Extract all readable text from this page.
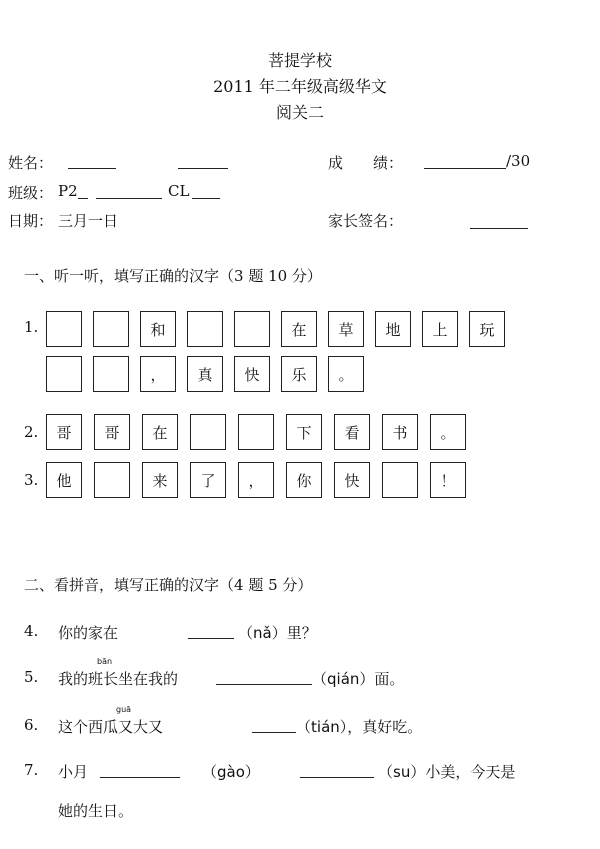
菩提学校
2011 年二年级高级华文
阅关二
姓名：	成　　绩：	/30
班级： P2	CL
日期： 三月一日	家长签名：
一、听一听，填写正确的汉字（3 题 10 分）
1.	和	在	草	地	上	玩
，	真	快	乐	。
2.	哥	哥	在	下	看	书	。
3.	他	来	了	，	你	快	！
二、看拼音，填写正确的汉字（4 题 5 分）
4. 你的家在	（nǎ）里？
5.
bān
我的班长坐在我的	（qián）面。
6.
guā
这个西瓜又大又	（tián），真好吃。
7. 小月	（gào）	（su）小美，今天是
她的生日。
